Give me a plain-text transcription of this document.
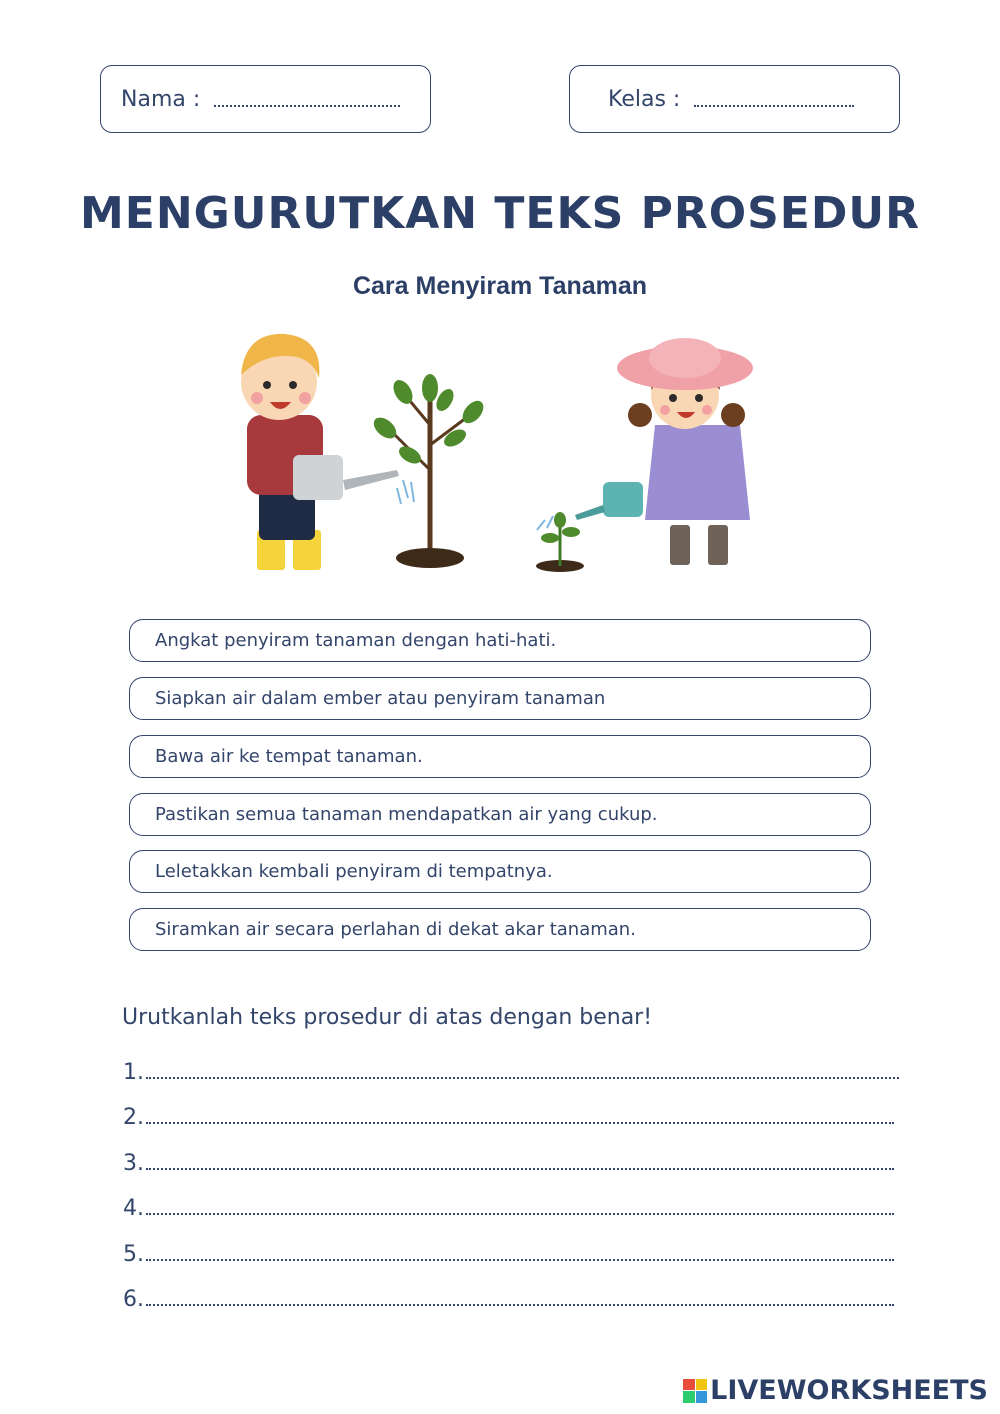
Nama :	Kelas :
MENGURUTKAN TEKS PROSEDUR
Cara Menyiram Tanaman
Angkat penyiram tanaman dengan hati-hati.
Siapkan air dalam ember atau penyiram tanaman
Bawa air ke tempat tanaman.
Pastikan semua tanaman mendapatkan air yang cukup.
Leletakkan kembali penyiram di tempatnya.
Siramkan air secara perlahan di dekat akar tanaman.
Urutkanlah teks prosedur di atas dengan benar!
1.
2.
3.
4.
5.
6.
LIVEWORKSHEETS
